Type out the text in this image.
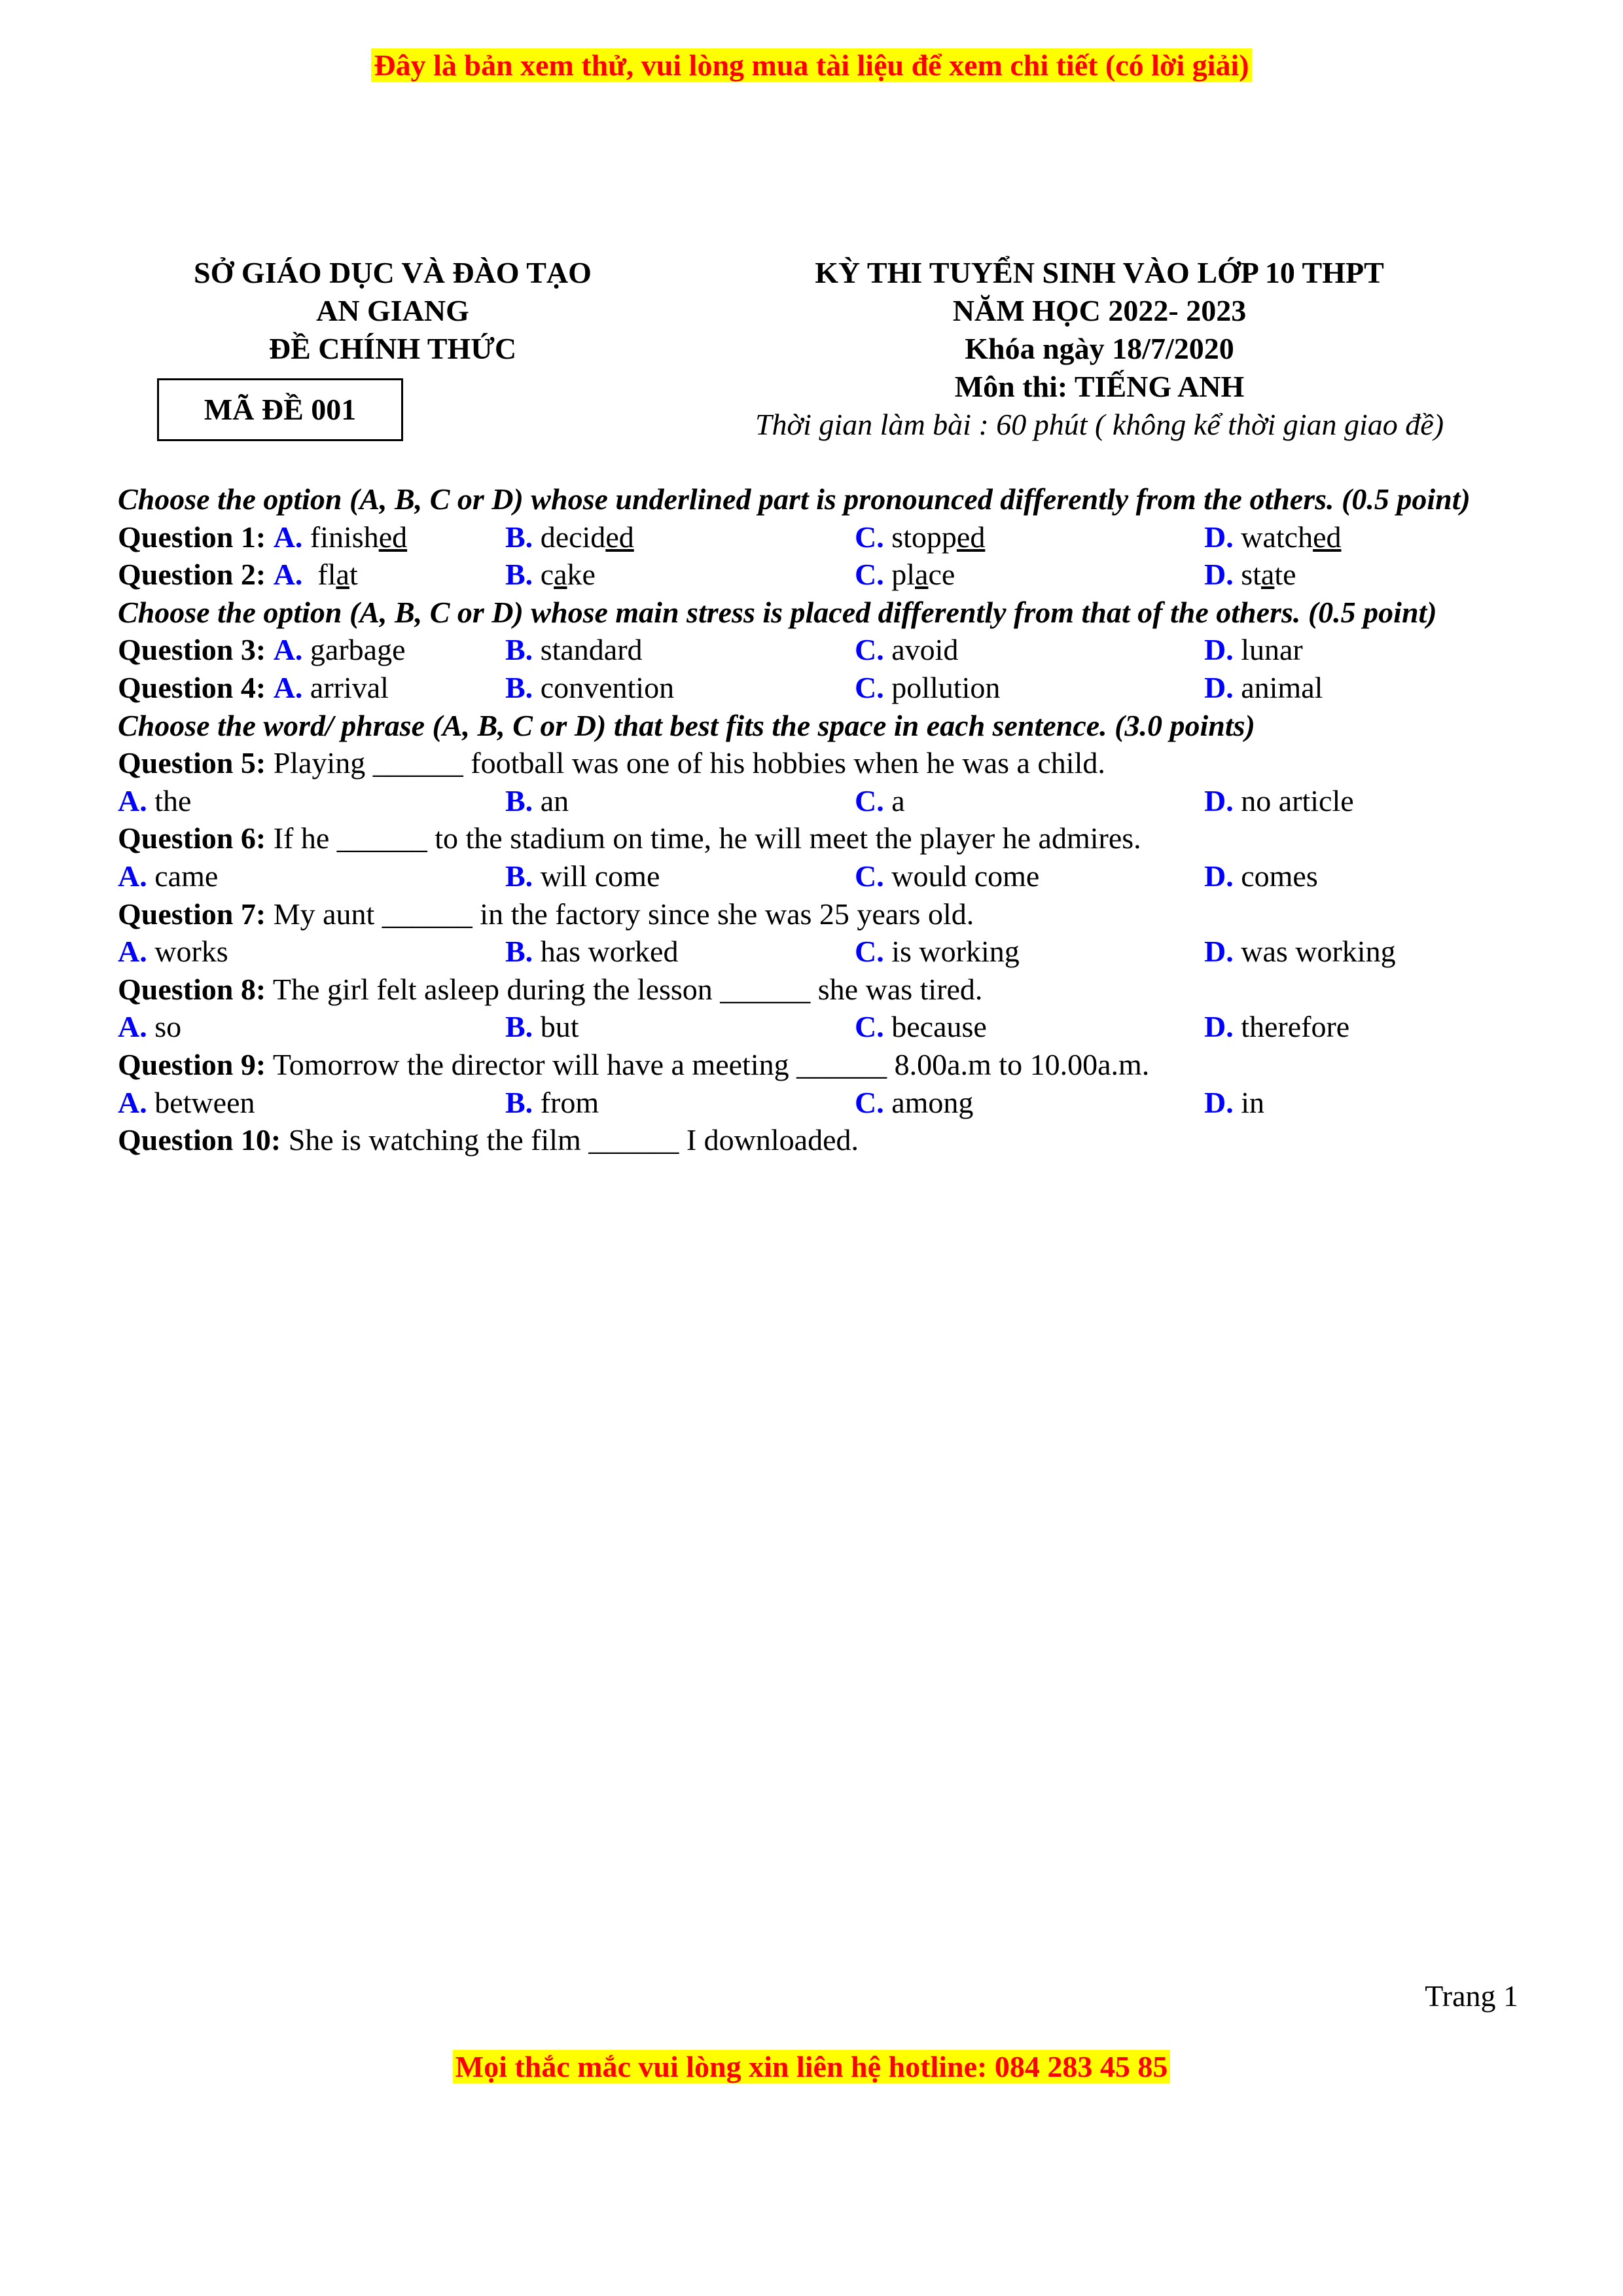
Đây là bản xem thử, vui lòng mua tài liệu để xem chi tiết (có lời giải)
SỞ GIÁO DỤC VÀ ĐÀO TẠO
AN GIANG
ĐỀ CHÍNH THỨC
MÃ ĐỀ 001
KỲ THI TUYỂN SINH VÀO LỚP 10 THPT
NĂM HỌC 2022- 2023
Khóa ngày 18/7/2020
Môn thi: TIẾNG ANH
Thời gian làm bài : 60 phút ( không kể thời gian giao đề)
Choose the option (A, B, C or D) whose underlined part is pronounced differently from the others. (0.5 point)
Question 1: A. finished	B. decided	C. stopped	D. watched
Question 2: A.  flat	B. cake	C. place	D. state
Choose the option (A, B, C or D) whose main stress is placed differently from that of the others. (0.5 point)
Question 3: A. garbage	B. standard	C. avoid	D. lunar
Question 4: A. arrival	B. convention	C. pollution	D. animal
Choose the word/ phrase (A, B, C or D) that best fits the space in each sentence. (3.0 points)
Question 5: Playing ______ football was one of his hobbies when he was a child.
A. the	B. an	C. a	D. no article
Question 6: If he ______ to the stadium on time, he will meet the player he admires.
A. came	B. will come	C. would come	D. comes
Question 7: My aunt ______ in the factory since she was 25 years old.
A. works	B. has worked	C. is working	D. was working
Question 8: The girl felt asleep during the lesson ______ she was tired.
A. so	B. but	C. because	D. therefore
Question 9: Tomorrow the director will have a meeting ______ 8.00a.m to 10.00a.m.
A. between	B. from	C. among	D. in
Question 10: She is watching the film ______ I downloaded.
Trang 1
Mọi thắc mắc vui lòng xin liên hệ hotline: 084 283 45 85
